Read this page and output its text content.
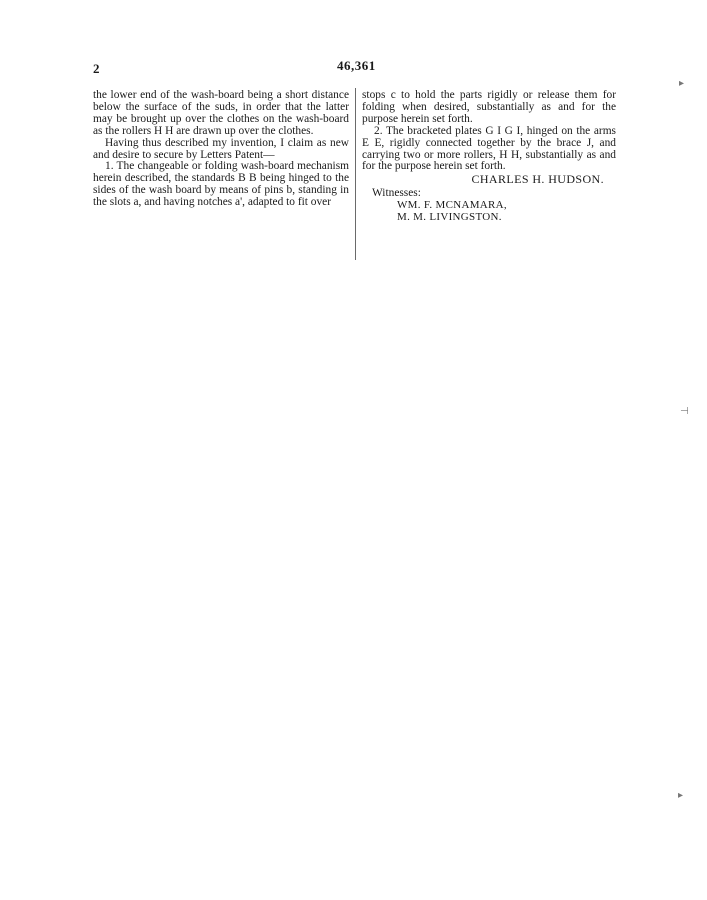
2	46,361

the lower end of the wash-board being a short distance below the surface of the suds, in order that the latter may be brought up over the clothes on the wash-board as the rollers H H are drawn up over the clothes.

Having thus described my invention, I claim as new and desire to secure by Letters Patent—

1. The changeable or folding wash-board mechanism herein described, the standards B B being hinged to the sides of the wash board by means of pins b, standing in the slots a, and having notches a', adapted to fit over

stops c to hold the parts rigidly or release them for folding when desired, substantially as and for the purpose herein set forth.

2. The bracketed plates G I G I, hinged on the arms E E, rigidly connected together by the brace J, and carrying two or more rollers, H H, substantially as and for the purpose herein set forth.

CHARLES H. HUDSON.

Witnesses:

WM. F. MCNAMARA,

M. M. LIVINGSTON.

▸
⊣
▸
